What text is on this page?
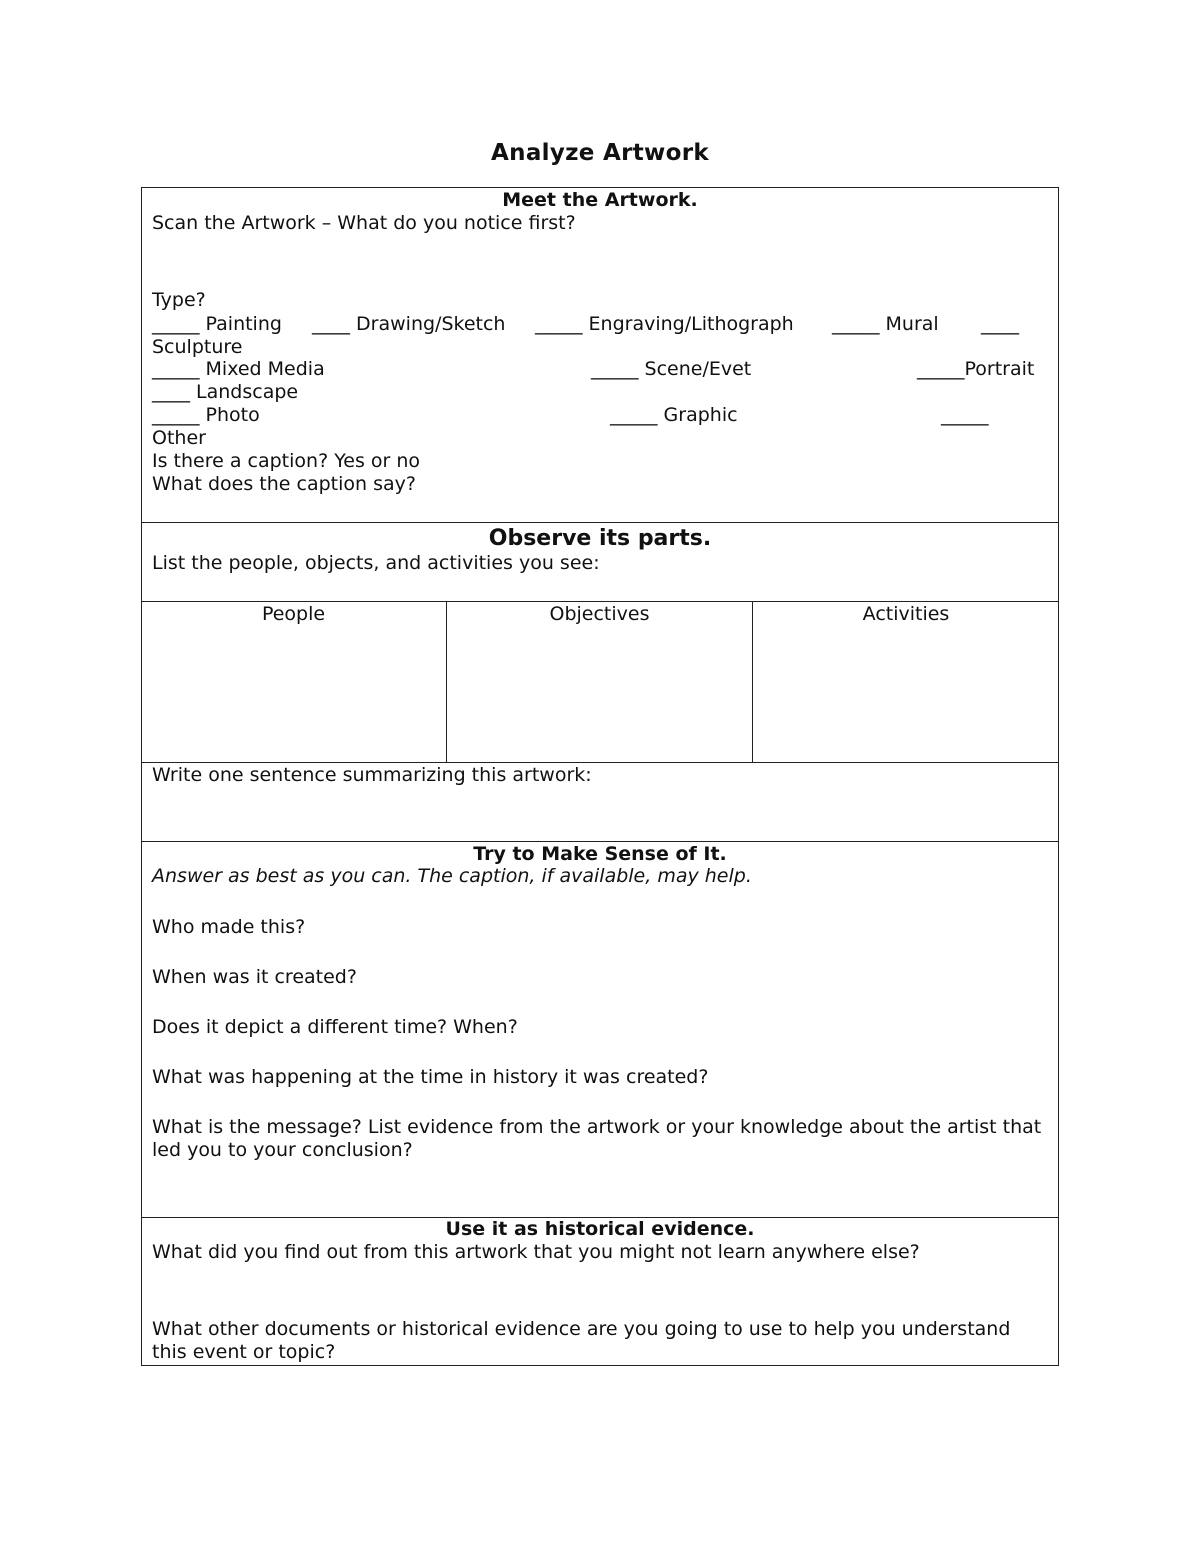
Analyze Artwork
Meet the Artwork.
Scan the Artwork – What do you notice first?
Type?
_____ Painting ____ Drawing/Sketch _____ Engraving/Lithograph _____ Mural ____
Sculpture
_____ Mixed Media	_____ Scene/Evet	_____Portrait
____ Landscape
_____ Photo	_____ Graphic	_____
Other
Is there a caption? Yes or no
What does the caption say?
Observe its parts.
List the people, objects, and activities you see:
People	Objectives	Activities
Write one sentence summarizing this artwork:
Try to Make Sense of It.
Answer as best as you can. The caption, if available, may help.
Who made this?
When was it created?
Does it depict a different time? When?
What was happening at the time in history it was created?
What is the message? List evidence from the artwork or your knowledge about the artist that led you to your conclusion?
Use it as historical evidence.
What did you find out from this artwork that you might not learn anywhere else?
What other documents or historical evidence are you going to use to help you understand this event or topic?
